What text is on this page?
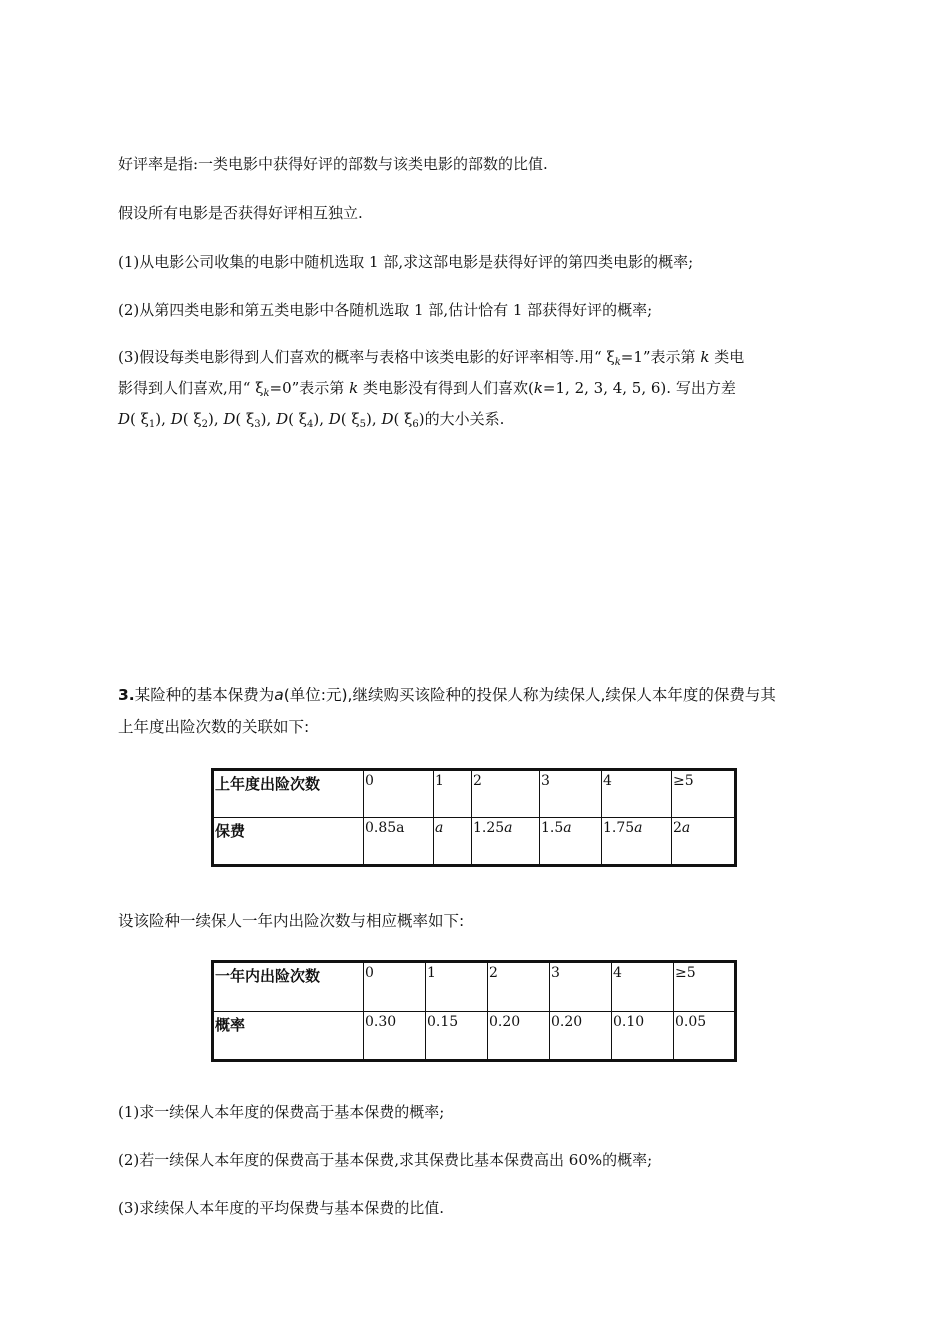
好评率是指:一类电影中获得好评的部数与该类电影的部数的比值.
假设所有电影是否获得好评相互独立.
(1)从电影公司收集的电影中随机选取 1 部,求这部电影是获得好评的第四类电影的概率;
(2)从第四类电影和第五类电影中各随机选取 1 部,估计恰有 1 部获得好评的概率;
(3)假设每类电影得到人们喜欢的概率与表格中该类电影的好评率相等.用“ $\xi_k=1$”表示第 k 类电
影得到人们喜欢,用“ $\xi_k=0$”表示第 k 类电影没有得到人们喜欢(k=1, 2, 3, 4, 5, 6). 写出方差
D( $\xi_1$), D( $\xi_2$), D( $\xi_3$), D( $\xi_4$), D( $\xi_5$), D( $\xi_6$)的大小关系.
3.某险种的基本保费为a(单位:元),继续购买该险种的投保人称为续保人,续保人本年度的保费与其
上年度出险次数的关联如下:
上年度出险次数	0	1	2	3	4	≥5
保费	0.85a	a	1.25a	1.5a	1.75a	2a
设该险种一续保人一年内出险次数与相应概率如下:
一年内出险次数	0	1	2	3	4	≥5
概率	0.30	0.15	0.20	0.20	0.10	0.05
(1)求一续保人本年度的保费高于基本保费的概率;
(2)若一续保人本年度的保费高于基本保费,求其保费比基本保费高出 60%的概率;
(3)求续保人本年度的平均保费与基本保费的比值.
